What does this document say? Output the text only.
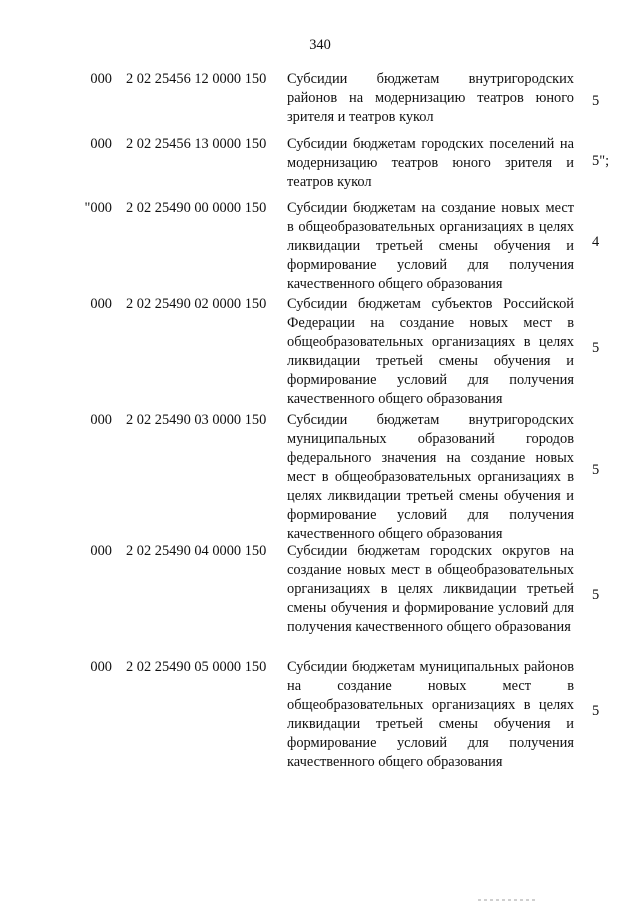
340
000 2 02 25456 12 0000 150 Субсидии бюджетам внутригородских районов на модернизацию театров юного зрителя и театров кукол
5
000 2 02 25456 13 0000 150 Субсидии бюджетам городских поселений на модернизацию театров юного зрителя и театров кукол
5";
"000 2 02 25490 00 0000 150 Субсидии бюджетам на создание новых мест в общеобразовательных организациях в целях ликвидации третьей смены обучения и формирование условий для получения качественного общего образования
4
000 2 02 25490 02 0000 150 Субсидии бюджетам субъектов Российской Федерации на создание новых мест в общеобразовательных организациях в целях ликвидации третьей смены обучения и формирование условий для получения качественного общего образования
5
000 2 02 25490 03 0000 150 Субсидии бюджетам внутригородских муниципальных образований городов федерального значения на создание новых мест в общеобразовательных организациях в целях ликвидации третьей смены обучения и формирование условий для получения качественного общего образования
5
000 2 02 25490 04 0000 150 Субсидии бюджетам городских округов на создание новых мест в общеобразовательных организациях в целях ликвидации третьей смены обучения и формирование условий для получения качественного общего образования
5
000 2 02 25490 05 0000 150 Субсидии бюджетам муниципальных районов на создание новых мест в общеобразовательных организациях в целях ликвидации третьей смены обучения и формирование условий для получения качественного общего образования
5
